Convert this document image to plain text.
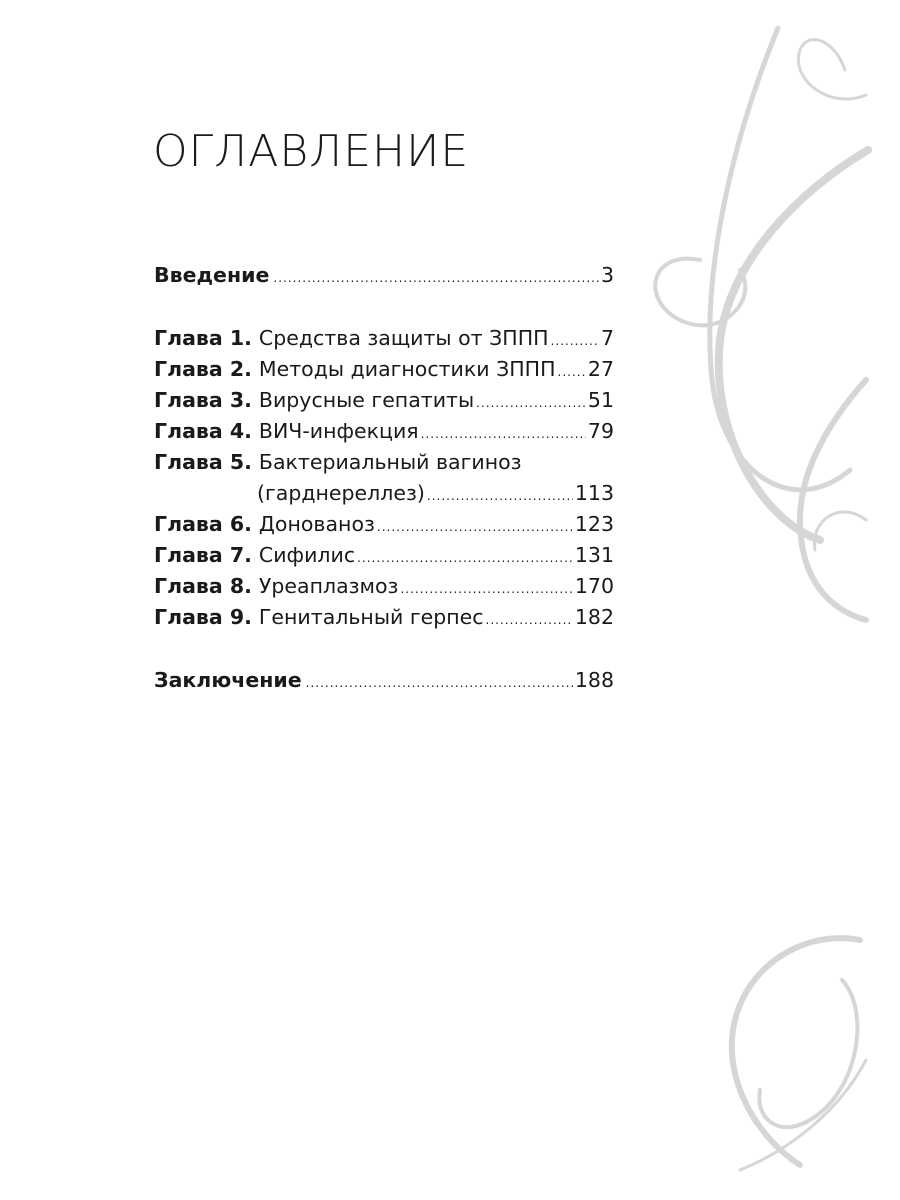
ОГЛАВЛЕНИЕ
Введение .....	3
Глава 1. Средства защиты от ЗППП .....	7
Глава 2. Методы диагностики ЗППП ..... 27
Глава 3. Вирусные гепатиты .....	51
Глава 4. ВИЧ-инфекция .....	79
Глава 5. Бактериальный вагиноз
(гарднереллез) .....	113
Глава 6. Донованоз .....	123
Глава 7. Сифилис .....	131
Глава 8. Уреаплазмоз .....	170
Глава 9. Генитальный герпес .....	182
Заключение .....	188
